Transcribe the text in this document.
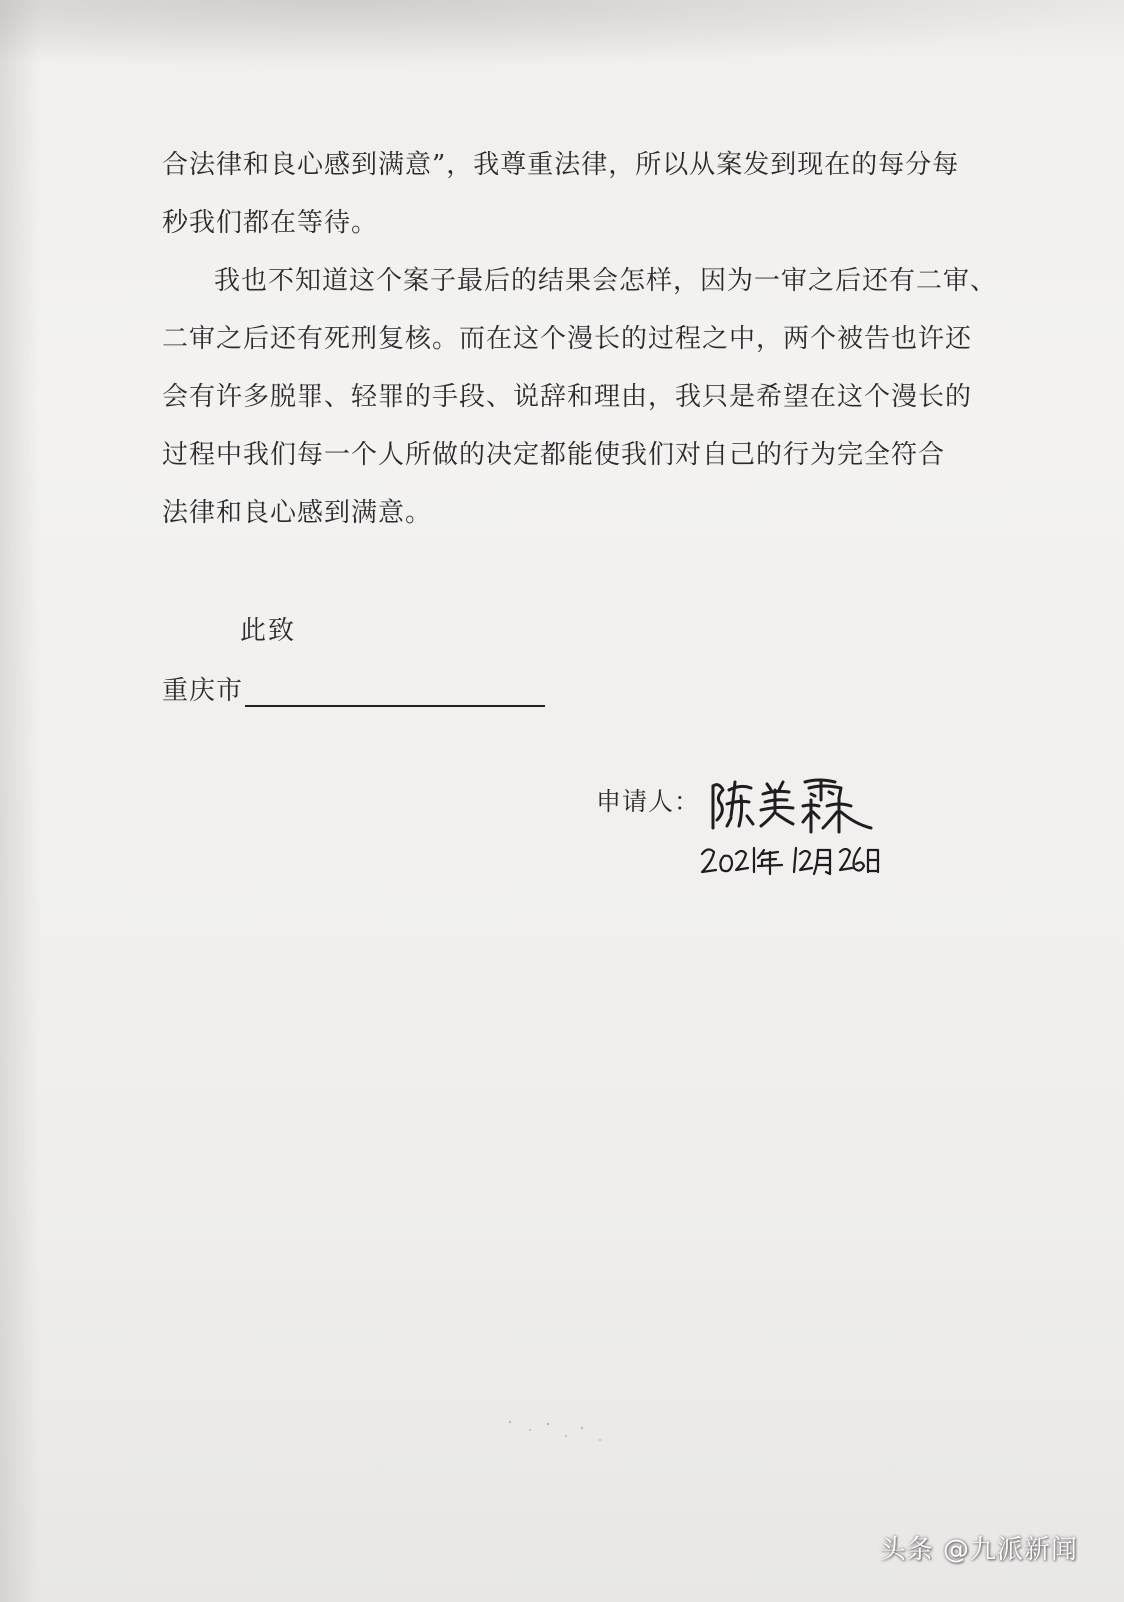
合法律和良心感到满意”，我尊重法律，所以从案发到现在的每分每
秒我们都在等待。
我也不知道这个案子最后的结果会怎样，因为一审之后还有二审、
二审之后还有死刑复核。而在这个漫长的过程之中，两个被告也许还
会有许多脱罪、轻罪的手段、说辞和理由，我只是希望在这个漫长的
过程中我们每一个人所做的决定都能使我们对自己的行为完全符合
法律和良心感到满意。
此致
重庆市
申请人：
头条 @九派新闻
